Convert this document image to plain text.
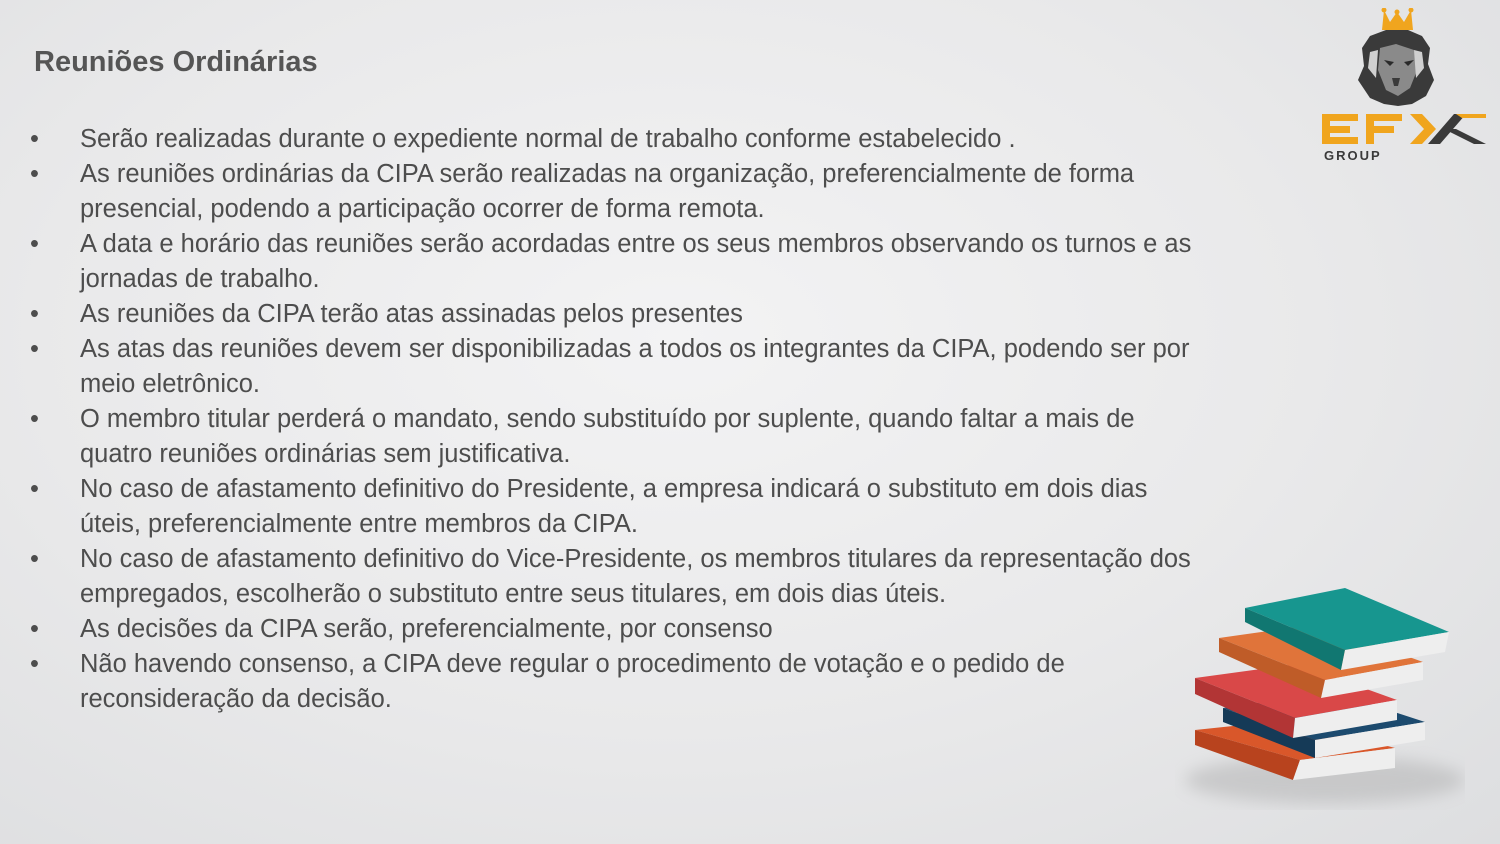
Reuniões Ordinárias
•	Serão realizadas durante o expediente normal de trabalho conforme estabelecido .
•	As reuniões ordinárias da CIPA serão realizadas na organização, preferencialmente de forma presencial, podendo a participação ocorrer de forma remota.
•	A data e horário das reuniões serão acordadas entre os seus membros observando os turnos e as jornadas de trabalho.
•	As reuniões da CIPA terão atas assinadas pelos presentes
•	As atas das reuniões devem ser disponibilizadas a todos os integrantes da CIPA, podendo ser por meio eletrônico.
•	O membro titular perderá o mandato, sendo substituído por suplente, quando faltar a mais de quatro reuniões ordinárias sem justificativa.
•	No caso de afastamento definitivo do Presidente, a empresa indicará o substituto em dois dias úteis, preferencialmente entre membros da CIPA.
•	No caso de afastamento definitivo do Vice-Presidente, os membros titulares da representação dos empregados, escolherão o substituto entre seus titulares, em dois dias úteis.
•	As decisões da CIPA serão, preferencialmente, por consenso
•	Não havendo consenso, a CIPA deve regular o procedimento de votação e o pedido de reconsideração da decisão.
GROUP
